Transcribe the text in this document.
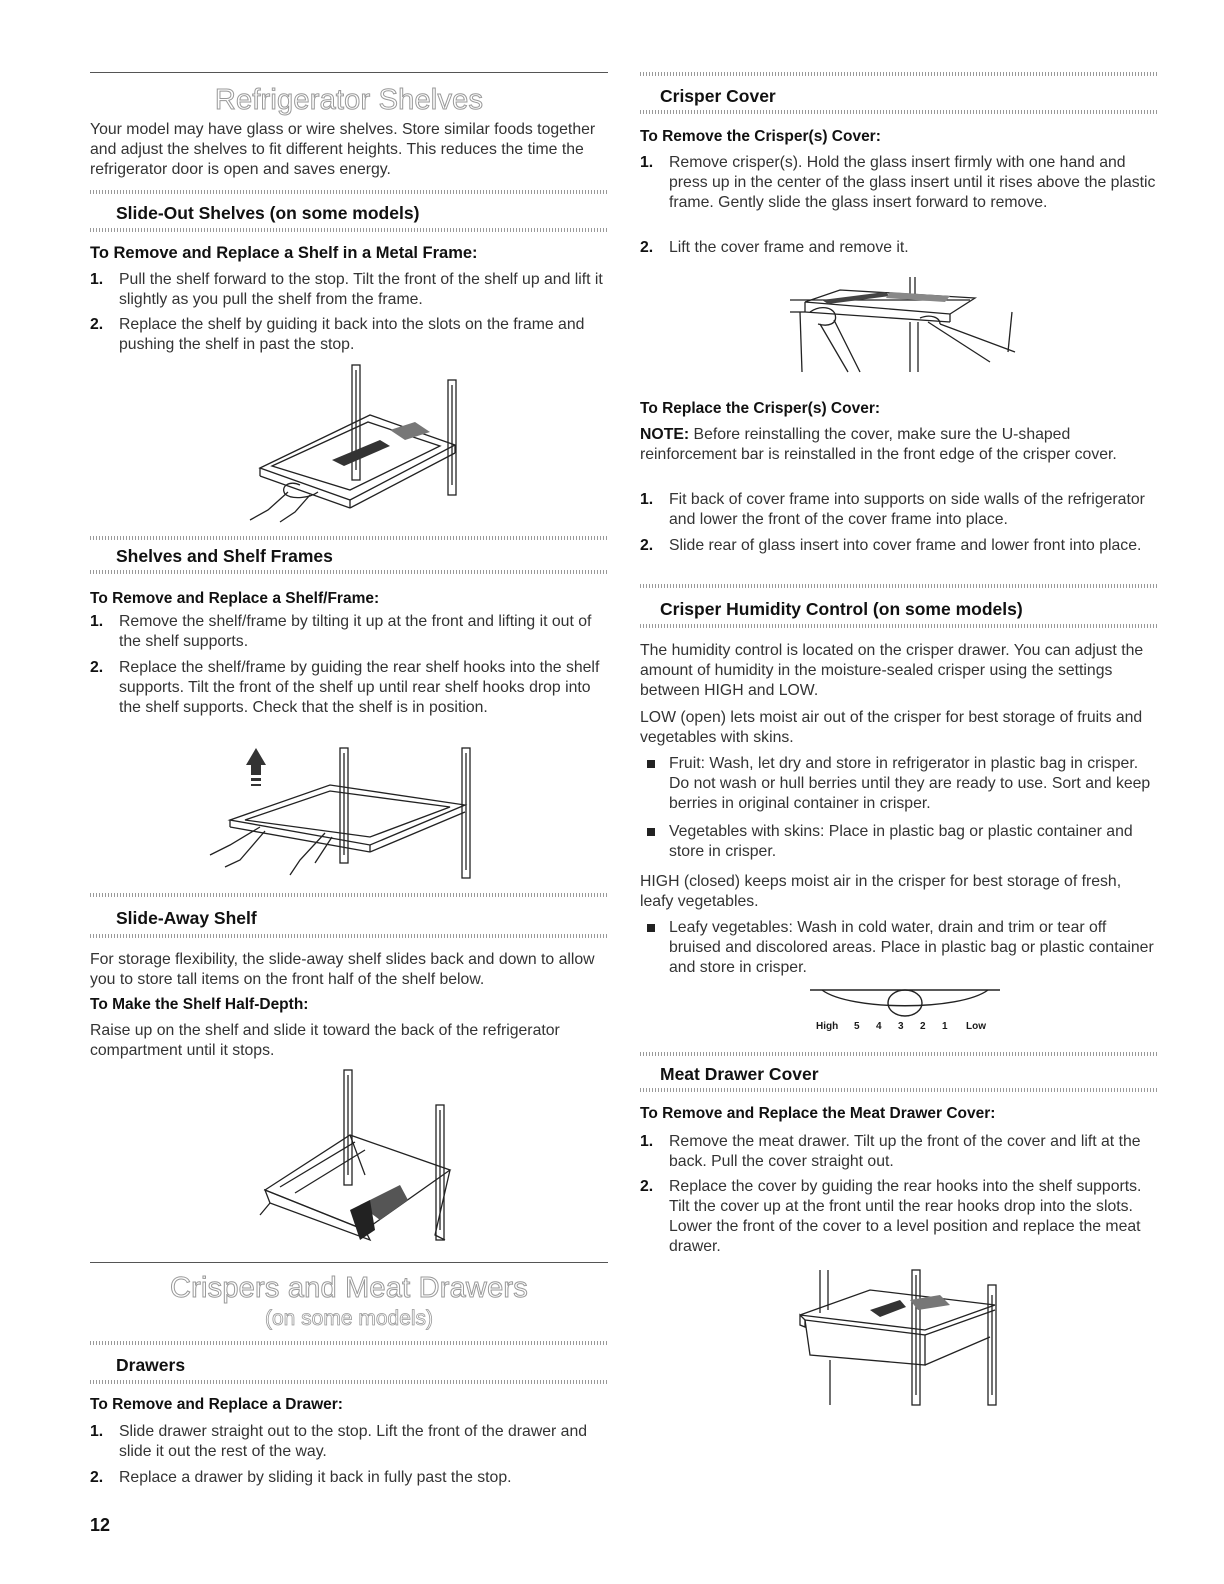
Refrigerator Shelves
Your model may have glass or wire shelves. Store similar foods together and adjust the shelves to fit different heights. This reduces the time the refrigerator door is open and saves energy.
Slide-Out Shelves (on some models)
To Remove and Replace a Shelf in a Metal Frame:
1. Pull the shelf forward to the stop. Tilt the front of the shelf up and lift it slightly as you pull the shelf from the frame.
2. Replace the shelf by guiding it back into the slots on the frame and pushing the shelf in past the stop.
Shelves and Shelf Frames
To Remove and Replace a Shelf/Frame:
1. Remove the shelf/frame by tilting it up at the front and lifting it out of the shelf supports.
2. Replace the shelf/frame by guiding the rear shelf hooks into the shelf supports. Tilt the front of the shelf up until rear shelf hooks drop into the shelf supports. Check that the shelf is in position.
Slide-Away Shelf
For storage flexibility, the slide-away shelf slides back and down to allow you to store tall items on the front half of the shelf below.
To Make the Shelf Half-Depth:
Raise up on the shelf and slide it toward the back of the refrigerator compartment until it stops.
Crispers and Meat Drawers
(on some models)
Drawers
To Remove and Replace a Drawer:
1. Slide drawer straight out to the stop. Lift the front of the drawer and slide it out the rest of the way.
2. Replace a drawer by sliding it back in fully past the stop.
12
Crisper Cover
To Remove the Crisper(s) Cover:
1. Remove crisper(s). Hold the glass insert firmly with one hand and press up in the center of the glass insert until it rises above the plastic frame. Gently slide the glass insert forward to remove.
2. Lift the cover frame and remove it.
To Replace the Crisper(s) Cover:
NOTE: Before reinstalling the cover, make sure the U-shaped reinforcement bar is reinstalled in the front edge of the crisper cover.
1. Fit back of cover frame into supports on side walls of the refrigerator and lower the front of the cover frame into place.
2. Slide rear of glass insert into cover frame and lower front into place.
Crisper Humidity Control (on some models)
The humidity control is located on the crisper drawer. You can adjust the amount of humidity in the moisture-sealed crisper using the settings between HIGH and LOW.
LOW (open) lets moist air out of the crisper for best storage of fruits and vegetables with skins.
Fruit: Wash, let dry and store in refrigerator in plastic bag in crisper. Do not wash or hull berries until they are ready to use. Sort and keep berries in original container in crisper.
Vegetables with skins: Place in plastic bag or plastic container and store in crisper.
HIGH (closed) keeps moist air in the crisper for best storage of fresh, leafy vegetables.
Leafy vegetables: Wash in cold water, drain and trim or tear off bruised and discolored areas. Place in plastic bag or plastic container and store in crisper.
High 5 4 3 2 1 Low
Meat Drawer Cover
To Remove and Replace the Meat Drawer Cover:
1. Remove the meat drawer. Tilt up the front of the cover and lift at the back. Pull the cover straight out.
2. Replace the cover by guiding the rear hooks into the shelf supports. Tilt the cover up at the front until the rear hooks drop into the slots. Lower the front of the cover to a level position and replace the meat drawer.
